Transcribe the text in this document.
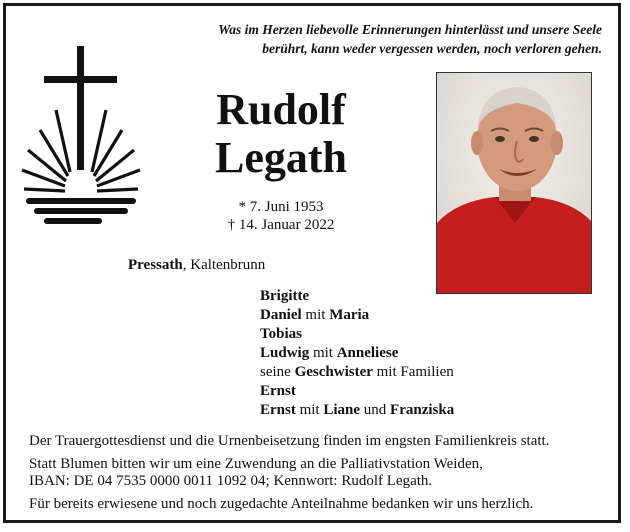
Was im Herzen liebevolle Erinnerungen hinterlässt und unsere Seele
berührt, kann weder vergessen werden, noch verloren gehen.
Rudolf
Legath
* 7. Juni 1953
† 14. Januar 2022
Pressath, Kaltenbrunn
Brigitte
Daniel mit Maria
Tobias
Ludwig mit Anneliese
seine Geschwister mit Familien
Ernst
Ernst mit Liane und Franziska

Der Trauergottesdienst und die Urnenbeisetzung finden im engsten Familienkreis statt.

Statt Blumen bitten wir um eine Zuwendung an die Palliativstation Weiden,
IBAN: DE 04 7535 0000 0011 1092 04; Kennwort: Rudolf Legath.

Für bereits erwiesene und noch zugedachte Anteilnahme bedanken wir uns herzlich.
